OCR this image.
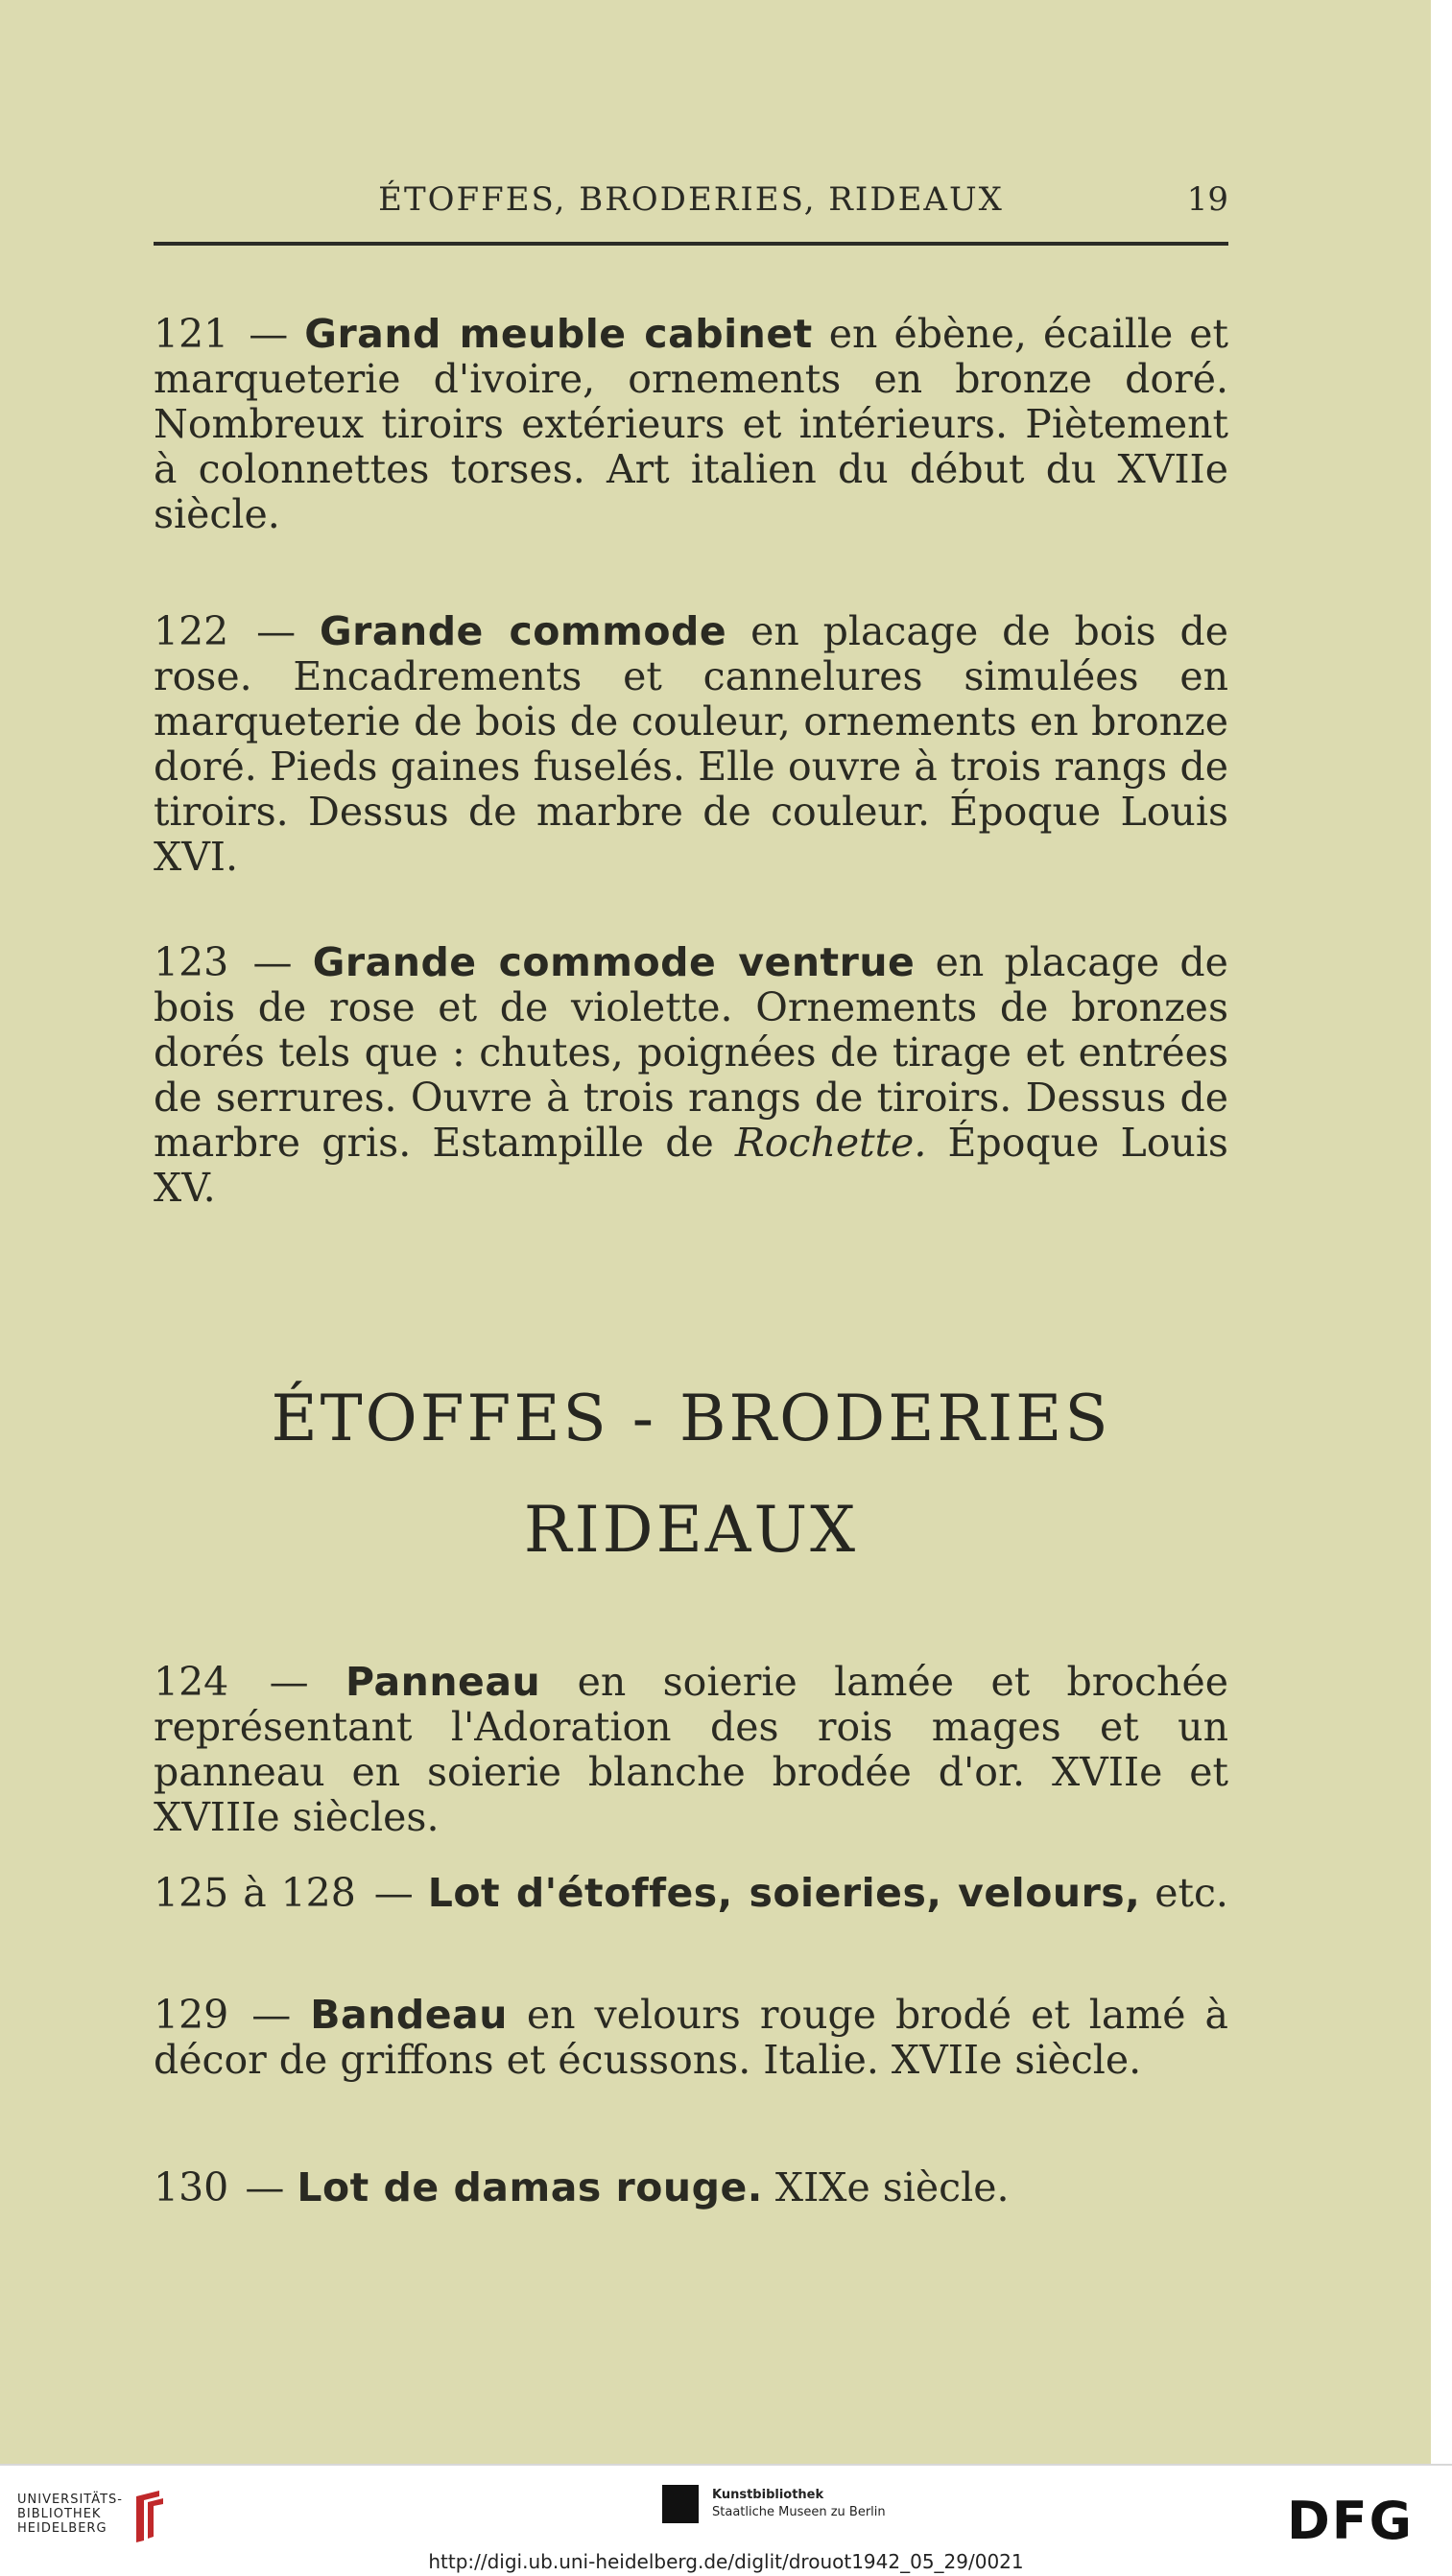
ÉTOFFES, BRODERIES, RIDEAUX	19
121 — Grand meuble cabinet en ébène, écaille et marqueterie d'ivoire, ornements en bronze doré. Nombreux tiroirs extérieurs et intérieurs. Piètement à colonnettes torses. Art italien du début du XVIIe siècle.
122 — Grande commode en placage de bois de rose. Encadrements et cannelures simulées en marqueterie de bois de couleur, ornements en bronze doré. Pieds gaines fuselés. Elle ouvre à trois rangs de tiroirs. Dessus de marbre de couleur. Époque Louis XVI.
123 — Grande commode ventrue en placage de bois de rose et de violette. Ornements de bronzes dorés tels que : chutes, poignées de tirage et entrées de serrures. Ouvre à trois rangs de tiroirs. Dessus de marbre gris. Estampille de Rochette. Époque Louis XV.
ÉTOFFES - BRODERIES
RIDEAUX
124 — Panneau en soierie lamée et brochée représentant l'Adoration des rois mages et un panneau en soierie blanche brodée d'or. XVIIe et XVIIIe siècles.
125 à 128 — Lot d'étoffes, soieries, velours, etc.
129 — Bandeau en velours rouge brodé et lamé à décor de griffons et écussons. Italie. XVIIe siècle.
130 — Lot de damas rouge. XIXe siècle.
UNIVERSITÄTS-
BIBLIOTHEK
HEIDELBERG
Kunstbibliothek
Staatliche Museen zu Berlin	DFG
http://digi.ub.uni-heidelberg.de/diglit/drouot1942_05_29/0021
